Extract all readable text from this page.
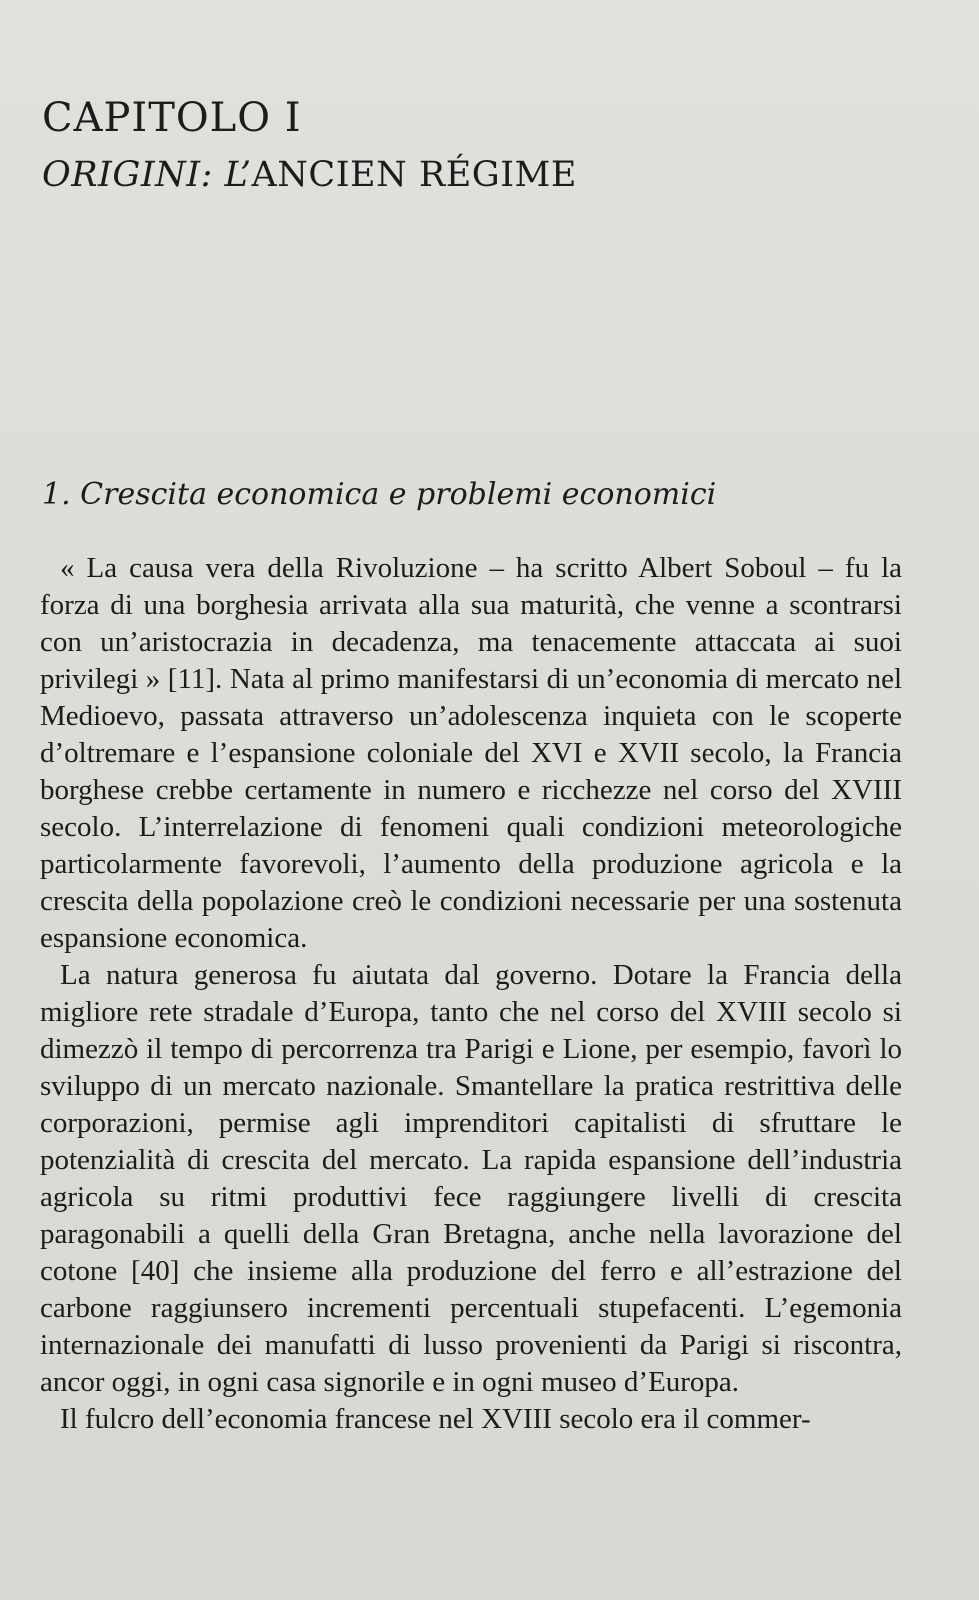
CAPITOLO I
ORIGINI: L’ANCIEN RÉGIME
1. Crescita economica e problemi economici

« La causa vera della Rivoluzione – ha scritto Albert Soboul – fu la forza di una borghesia arrivata alla sua maturità, che venne a scontrarsi con un’aristocrazia in decadenza, ma tenacemente attaccata ai suoi privilegi » [11]. Nata al primo manifestarsi di un’economia di mercato nel Medioevo, passata attraverso un’adolescenza inquieta con le scoperte d’oltremare e l’espansione coloniale del XVI e XVII secolo, la Francia borghese crebbe certamente in numero e ricchezze nel corso del XVIII secolo. L’interrelazione di fenomeni quali condizioni meteorologiche particolarmente favorevoli, l’aumento della produzione agricola e la crescita della popolazione creò le condizioni necessarie per una sostenuta espansione economica.

La natura generosa fu aiutata dal governo. Dotare la Francia della migliore rete stradale d’Europa, tanto che nel corso del XVIII secolo si dimezzò il tempo di percorrenza tra Parigi e Lione, per esempio, favorì lo sviluppo di un mercato nazionale. Smantellare la pratica restrittiva delle corporazioni, permise agli imprenditori capitalisti di sfruttare le potenzialità di crescita del mercato. La rapida espansione dell’industria agricola su ritmi produttivi fece raggiungere livelli di crescita paragonabili a quelli della Gran Bretagna, anche nella lavorazione del cotone [40] che insieme alla produzione del ferro e all’estrazione del carbone raggiunsero incrementi percentuali stupefacenti. L’egemonia internazionale dei manufatti di lusso provenienti da Parigi si riscontra, ancor oggi, in ogni casa signorile e in ogni museo d’Europa.

Il fulcro dell’economia francese nel XVIII secolo era il commer-
